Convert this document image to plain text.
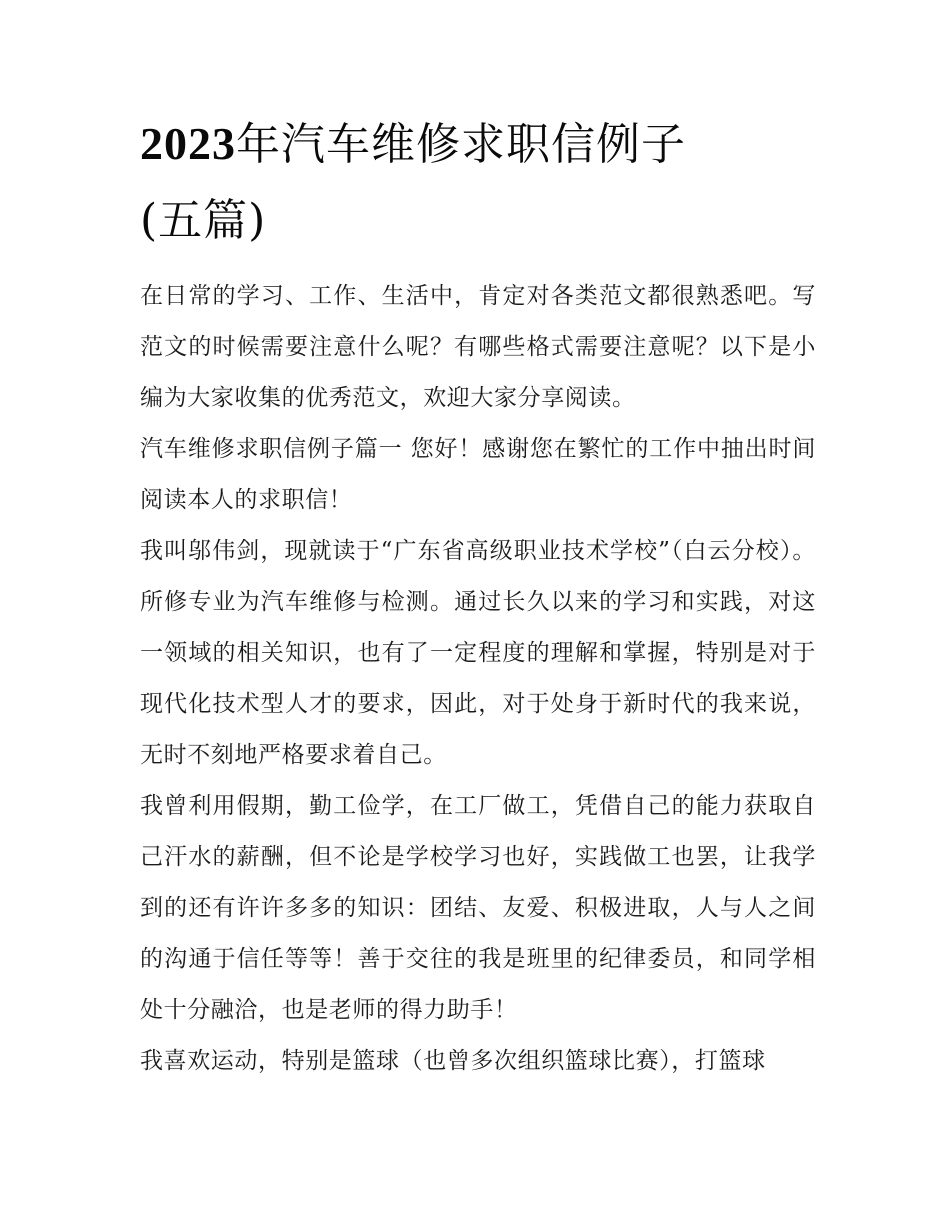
2023年汽车维修求职信例子
(五篇)

在日常的学习、工作、生活中，肯定对各类范文都很熟悉吧。写范文的时候需要注意什么呢？有哪些格式需要注意呢？以下是小编为大家收集的优秀范文，欢迎大家分享阅读。

汽车维修求职信例子篇一 您好！感谢您在繁忙的工作中抽出时间阅读本人的求职信！

我叫邬伟剑，现就读于“广东省高级职业技术学校”（白云分校）。所修专业为汽车维修与检测。通过长久以来的学习和实践，对这一领域的相关知识，也有了一定程度的理解和掌握，特别是对于现代化技术型人才的要求，因此，对于处身于新时代的我来说，无时不刻地严格要求着自己。

我曾利用假期，勤工俭学，在工厂做工，凭借自己的能力获取自己汗水的薪酬，但不论是学校学习也好，实践做工也罢，让我学到的还有许许多多的知识：团结、友爱、积极进取，人与人之间的沟通于信任等等！善于交往的我是班里的纪律委员，和同学相处十分融洽，也是老师的得力助手！

我喜欢运动，特别是篮球（也曾多次组织篮球比赛），打篮球
